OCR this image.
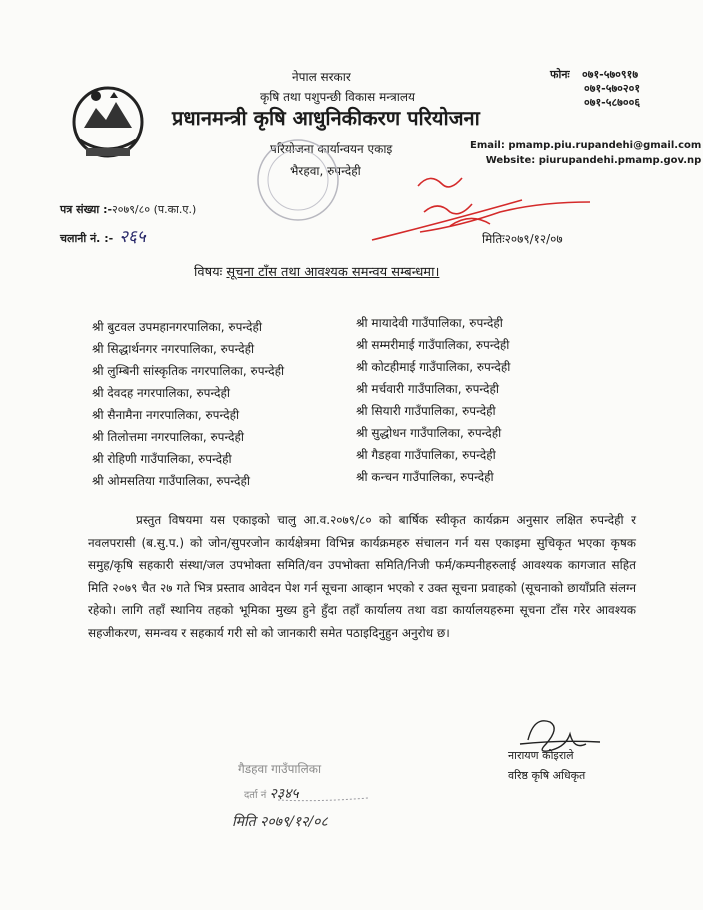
नेपाल सरकार
कृषि तथा पशुपन्छी विकास मन्त्रालय
प्रधानमन्त्री कृषि आधुनिकीकरण परियोजना
परियोजना कार्यान्वयन एकाइ
भैरहवा, रुपन्देही
फोनः ०७१-५७०९१७
०७१-५७०२०१
०७१-५८७००६
Email: pmamp.piu.rupandehi@gmail.com
Website: piurupandehi.pmamp.gov.np
पत्र संख्या :-२०७९/८० (प.का.ए.)
चलानी नं. :- २६५	मितिः२०७९/१२/०७
विषयः सूचना टाँस तथा आवश्यक समन्वय सम्बन्धमा।
श्री बुटवल उपमहानगरपालिका, रुपन्देही
श्री सिद्धार्थनगर नगरपालिका, रुपन्देही
श्री लुम्बिनी सांस्कृतिक नगरपालिका, रुपन्देही
श्री देवदह नगरपालिका, रुपन्देही
श्री सैनामैना नगरपालिका, रुपन्देही
श्री तिलोत्तमा नगरपालिका, रुपन्देही
श्री रोहिणी गाउँपालिका, रुपन्देही
श्री ओमसतिया गाउँपालिका, रुपन्देही
श्री मायादेवी गाउँपालिका, रुपन्देही
श्री सम्मरीमाई गाउँपालिका, रुपन्देही
श्री कोटहीमाई गाउँपालिका, रुपन्देही
श्री मर्चवारी गाउँपालिका, रुपन्देही
श्री सियारी गाउँपालिका, रुपन्देही
श्री सुद्धोधन गाउँपालिका, रुपन्देही
श्री गैडहवा गाउँपालिका, रुपन्देही
श्री कन्चन गाउँपालिका, रुपन्देही
प्रस्तुत विषयमा यस एकाइको चालु आ.व.२०७९/८० को बार्षिक स्वीकृत कार्यक्रम अनुसार लक्षित रुपन्देही र नवलपरासी (ब.सु.प.) को जोन/सुपरजोन कार्यक्षेत्रमा विभिन्न कार्यक्रमहरु संचालन गर्न यस एकाइमा सुचिकृत भएका कृषक समुह/कृषि सहकारी संस्था/जल उपभोक्ता समिति/वन उपभोक्ता समिति/निजी फर्म/कम्पनीहरुलाई आवश्यक कागजात सहित मिति २०७९ चैत २७ गते भित्र प्रस्ताव आवेदन पेश गर्न सूचना आव्हान भएको र उक्त सूचना प्रवाहको (सूचनाको छायाँप्रति संलग्न रहेको। लागि तहाँ स्थानिय तहको भूमिका मुख्य हुने हुँदा तहाँ कार्यालय तथा वडा कार्यालयहरुमा सूचना टाँस गरेर आवश्यक सहजीकरण, समन्वय र सहकार्य गरी सो को जानकारी समेत पठाइदिनुहुन अनुरोध छ।
नारायण कोइराले
वरिष्ठ कृषि अधिकृत
गैडहवा गाउँपालिका
दर्ता नं २३४५
मिति २०७९/१२/०८
